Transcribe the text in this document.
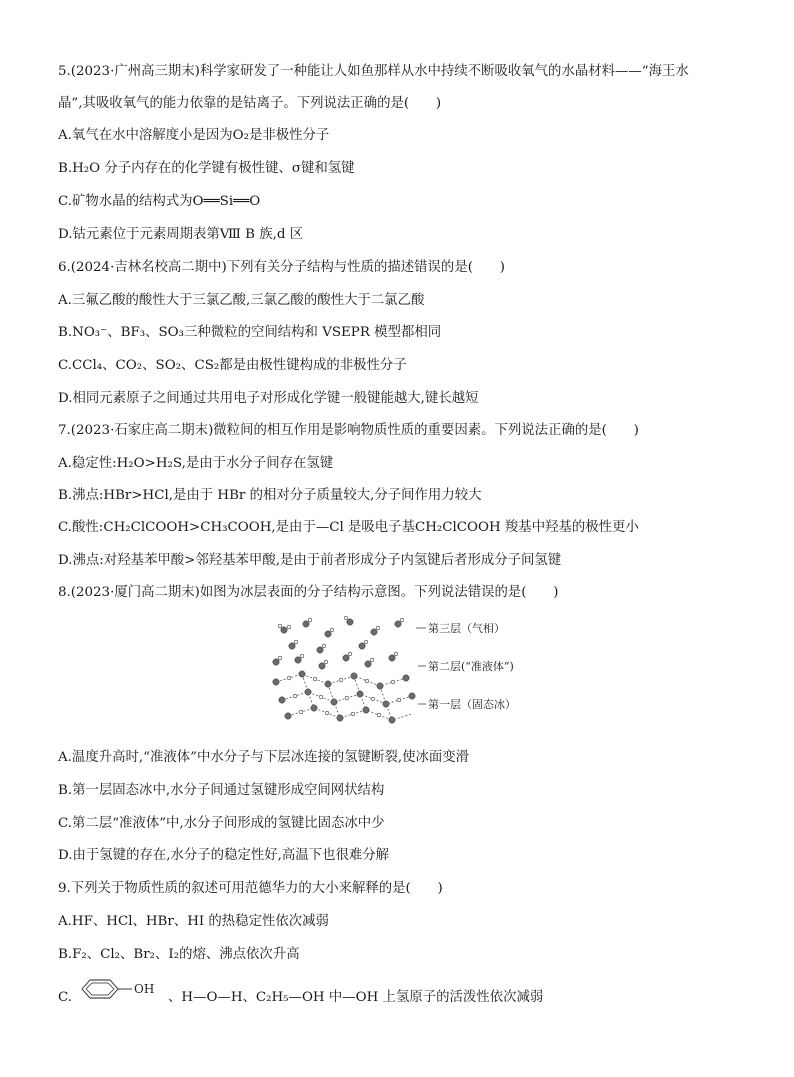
5.(2023·广州高三期末)科学家研发了一种能让人如鱼那样从水中持续不断吸收氧气的水晶材料——“海王水
晶”,其吸收氧气的能力依靠的是钴离子。下列说法正确的是(　　)
A.氧气在水中溶解度小是因为O₂是非极性分子
B.H₂O 分子内存在的化学键有极性键、σ键和氢键
C.矿物水晶的结构式为O══Si══O
D.钴元素位于元素周期表第Ⅷ B 族,d 区
6.(2024·吉林名校高二期中)下列有关分子结构与性质的描述错误的是(　　)
A.三氟乙酸的酸性大于三氯乙酸,三氯乙酸的酸性大于二氯乙酸
B.NO₃⁻、BF₃、SO₃三种微粒的空间结构和 VSEPR 模型都相同
C.CCl₄、CO₂、SO₂、CS₂都是由极性键构成的非极性分子
D.相同元素原子之间通过共用电子对形成化学键一般键能越大,键长越短
7.(2023·石家庄高二期末)微粒间的相互作用是影响物质性质的重要因素。下列说法正确的是(　　)
A.稳定性:H₂O>H₂S,是由于水分子间存在氢键
B.沸点:HBr>HCl,是由于 HBr 的相对分子质量较大,分子间作用力较大
C.酸性:CH₂ClCOOH>CH₃COOH,是由于—Cl 是吸电子基CH₂ClCOOH 羧基中羟基的极性更小
D.沸点:对羟基苯甲酸>邻羟基苯甲酸,是由于前者形成分子内氢键后者形成分子间氢键
8.(2023·厦门高二期末)如图为冰层表面的分子结构示意图。下列说法错误的是(　　)
第三层（气相）
第二层(“准液体”)
第一层（固态冰）
A.温度升高时,“准液体”中水分子与下层冰连接的氢键断裂,使冰面变滑
B.第一层固态冰中,水分子间通过氢键形成空间网状结构
C.第二层“准液体”中,水分子间形成的氢键比固态冰中少
D.由于氢键的存在,水分子的稳定性好,高温下也很难分解
9.下列关于物质性质的叙述可用范德华力的大小来解释的是(　　)
A.HF、HCl、HBr、HI 的热稳定性依次减弱
B.F₂、Cl₂、Br₂、I₂的熔、沸点依次升高
C.
OH
、H—O—H、C₂H₅—OH 中—OH 上氢原子的活泼性依次减弱
